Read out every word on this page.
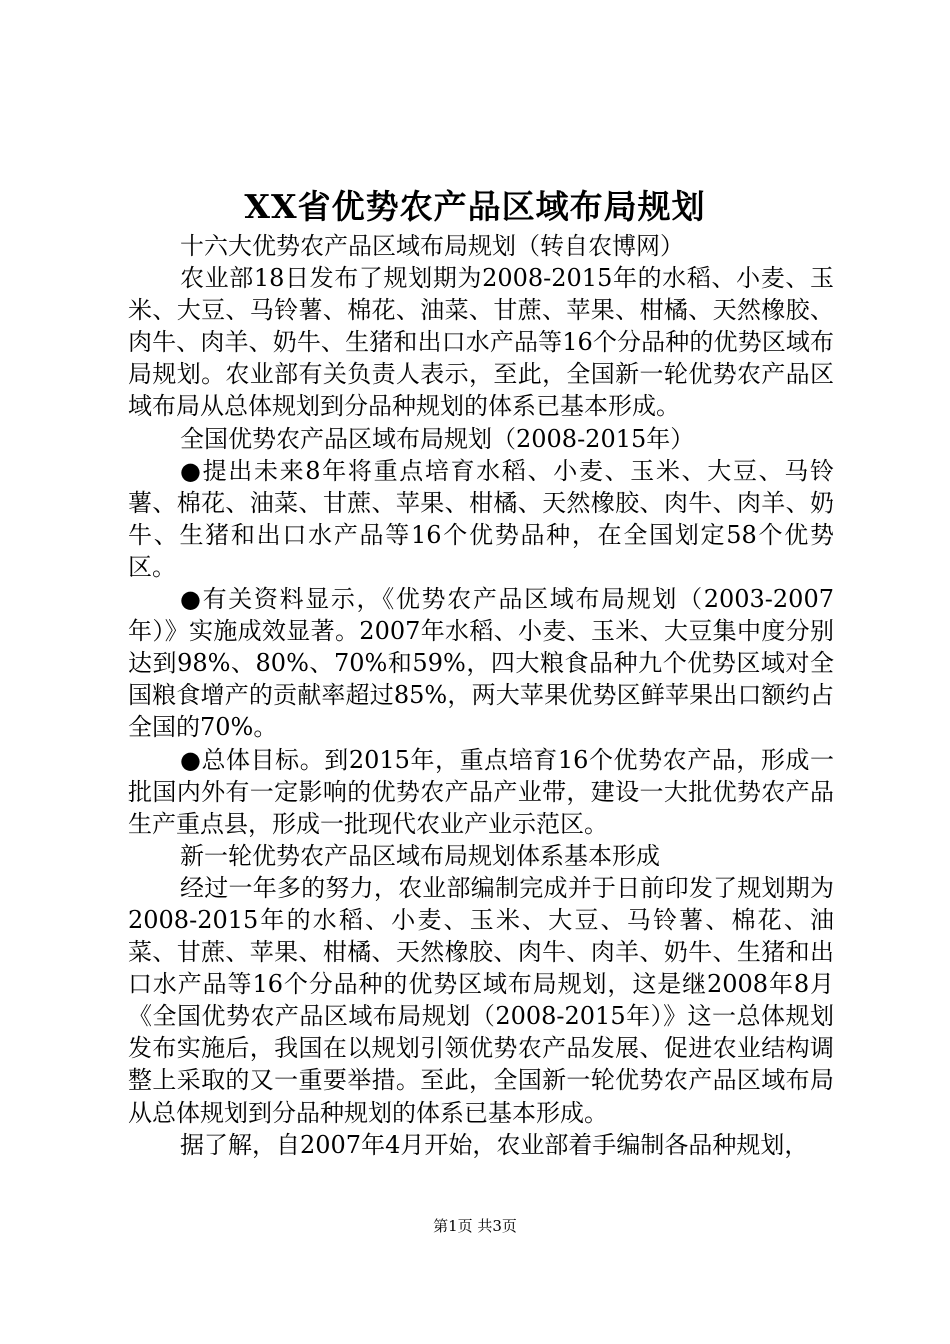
XX省优势农产品区域布局规划

十六大优势农产品区域布局规划（转自农博网）

农业部18日发布了规划期为2008-2015年的水稻、小麦、玉米、大豆、马铃薯、棉花、油菜、甘蔗、苹果、柑橘、天然橡胶、肉牛、肉羊、奶牛、生猪和出口水产品等16个分品种的优势区域布局规划。农业部有关负责人表示，至此，全国新一轮优势农产品区域布局从总体规划到分品种规划的体系已基本形成。

全国优势农产品区域布局规划（2008-2015年）

●提出未来8年将重点培育水稻、小麦、玉米、大豆、马铃薯、棉花、油菜、甘蔗、苹果、柑橘、天然橡胶、肉牛、肉羊、奶牛、生猪和出口水产品等16个优势品种，在全国划定58个优势区。

●有关资料显示，《优势农产品区域布局规划（2003-2007年）》实施成效显著。2007年水稻、小麦、玉米、大豆集中度分别达到98%、80%、70%和59%，四大粮食品种九个优势区域对全国粮食增产的贡献率超过85%，两大苹果优势区鲜苹果出口额约占全国的70%。

●总体目标。到2015年，重点培育16个优势农产品，形成一批国内外有一定影响的优势农产品产业带，建设一大批优势农产品生产重点县，形成一批现代农业产业示范区。

新一轮优势农产品区域布局规划体系基本形成

经过一年多的努力，农业部编制完成并于日前印发了规划期为2008-2015年的水稻、小麦、玉米、大豆、马铃薯、棉花、油菜、甘蔗、苹果、柑橘、天然橡胶、肉牛、肉羊、奶牛、生猪和出口水产品等16个分品种的优势区域布局规划，这是继2008年8月《全国优势农产品区域布局规划（2008-2015年）》这一总体规划发布实施后，我国在以规划引领优势农产品发展、促进农业结构调整上采取的又一重要举措。至此，全国新一轮优势农产品区域布局从总体规划到分品种规划的体系已基本形成。

据了解，自2007年4月开始，农业部着手编制各品种规划，

第1页 共3页
